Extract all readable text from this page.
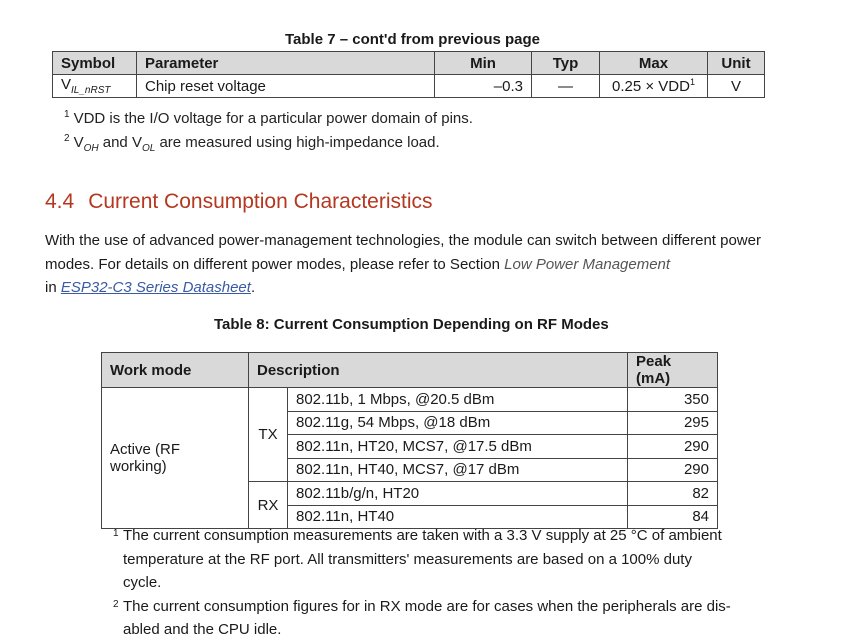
Table 7 – cont'd from previous page
Symbol	Parameter	Min	Typ	Max	Unit
$V_{IL\_nRST}$	Chip reset voltage	–0.3	—	$0.25 \times VDD^1$	V
$^1$ VDD is the I/O voltage for a particular power domain of pins.
$^2$ $V_{OH}$ and $V_{OL}$ are measured using high-impedance load.
4.4 Current Consumption Characteristics
With the use of advanced power-management technologies, the module can switch between different power modes. For details on different power modes, please refer to Section Low Power Management
in ESP32-C3 Series Datasheet.
Table 8: Current Consumption Depending on RF Modes
Work mode	Description		Peak (mA)
Active (RF working)	TX	802.11b, 1 Mbps, @20.5 dBm	350
		802.11g, 54 Mbps, @18 dBm	295
		802.11n, HT20, MCS7, @17.5 dBm	290
		802.11n, HT40, MCS7, @17 dBm	290
	RX	802.11b/g/n, HT20	82
		802.11n, HT40	84
1 The current consumption measurements are taken with a 3.3 V supply at 25 °C of ambient temperature at the RF port. All transmitters' measurements are based on a 100% duty cycle.
2 The current consumption figures for in RX mode are for cases when the peripherals are dis-abled and the CPU idle.
